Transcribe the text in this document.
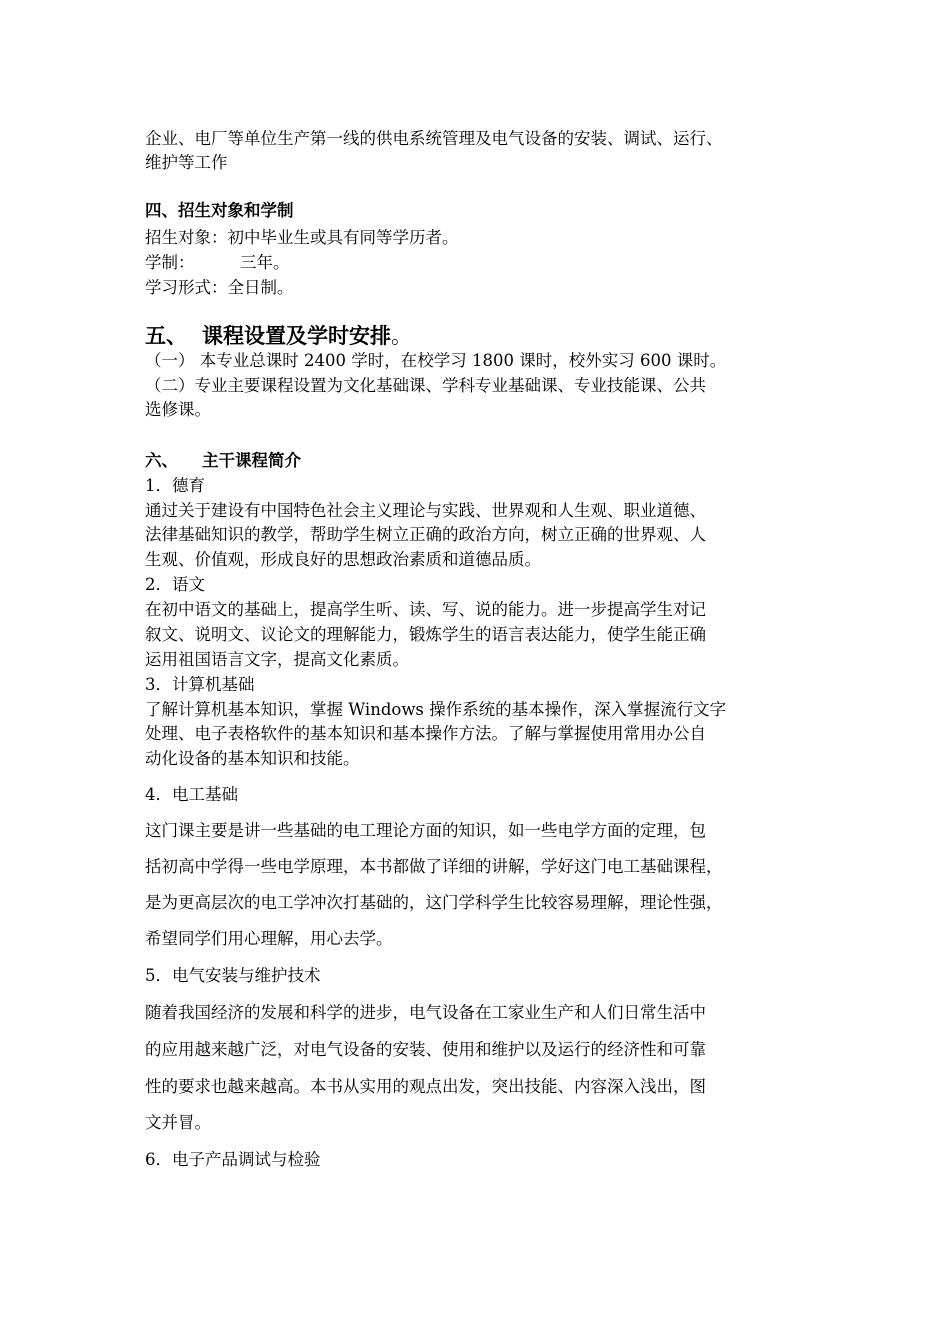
企业、电厂等单位生产第一线的供电系统管理及电气设备的安装、调试、运行、
维护等工作
四、招生对象和学制
招生对象：初中毕业生或具有同等学历者。
学制：	三年。
学习形式：全日制。
五、 课程设置及学时安排。
（一） 本专业总课时 2400 学时，在校学习 1800 课时，校外实习 600 课时。
（二）专业主要课程设置为文化基础课、学科专业基础课、专业技能课、公共
选修课。
六、 主干课程简介
1．德育
通过关于建设有中国特色社会主义理论与实践、世界观和人生观、职业道德、
法律基础知识的教学，帮助学生树立正确的政治方向，树立正确的世界观、人
生观、价值观，形成良好的思想政治素质和道德品质。
2．语文
在初中语文的基础上，提高学生听、读、写、说的能力。进一步提高学生对记
叙文、说明文、议论文的理解能力，锻炼学生的语言表达能力，使学生能正确
运用祖国语言文字，提高文化素质。
3．计算机基础
了解计算机基本知识，掌握 Windows 操作系统的基本操作，深入掌握流行文字
处理、电子表格软件的基本知识和基本操作方法。了解与掌握使用常用办公自
动化设备的基本知识和技能。
4．电工基础
这门课主要是讲一些基础的电工理论方面的知识，如一些电学方面的定理，包
括初高中学得一些电学原理，本书都做了详细的讲解，学好这门电工基础课程，
是为更高层次的电工学冲次打基础的，这门学科学生比较容易理解，理论性强，
希望同学们用心理解，用心去学。
5．电气安装与维护技术
随着我国经济的发展和科学的进步，电气设备在工家业生产和人们日常生活中
的应用越来越广泛，对电气设备的安装、使用和维护以及运行的经济性和可靠
性的要求也越来越高。本书从实用的观点出发，突出技能、内容深入浅出，图
文并冒。
6．电子产品调试与检验
